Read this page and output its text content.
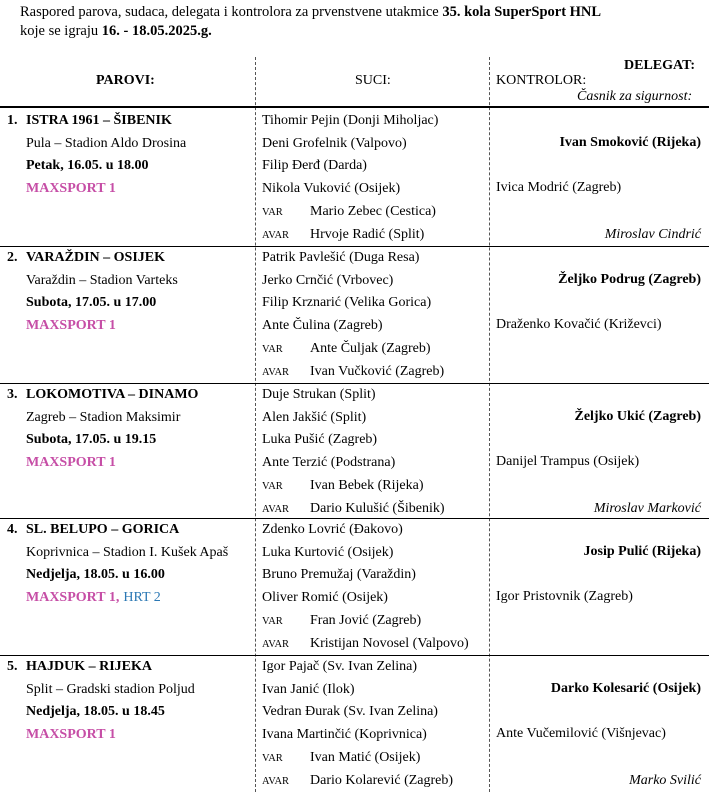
Raspored parova, sudaca, delegata i kontrolora za prvenstvene utakmice 35. kola SuperSport HNL
koje se igraju 16. - 18.05.2025.g.
PAROVI:	SUCI:
DELEGAT:
KONTROLOR:
Časnik za sigurnost:
1. ISTRA 1961 – ŠIBENIK
Pula – Stadion Aldo Drosina
Petak, 16.05. u 18.00
MAXSPORT 1
Tihomir Pejin (Donji Miholjac)
Deni Grofelnik (Valpovo)
Filip Đerđ (Darda)
Nikola Vuković (Osijek)
VAR Mario Zebec (Cestica)
AVAR Hrvoje Radić (Split)
Ivan Smoković (Rijeka)
Ivica Modrić (Zagreb)
Miroslav Cindrić
2. VARAŽDIN – OSIJEK
Varaždin – Stadion Varteks
Subota, 17.05. u 17.00
MAXSPORT 1
Patrik Pavlešić (Duga Resa)
Jerko Crnčić (Vrbovec)
Filip Krznarić (Velika Gorica)
Ante Čulina (Zagreb)
VAR Ante Čuljak (Zagreb)
AVAR Ivan Vučković (Zagreb)
Željko Podrug (Zagreb)
Draženko Kovačić (Križevci)
3. LOKOMOTIVA – DINAMO
Zagreb – Stadion Maksimir
Subota, 17.05. u 19.15
MAXSPORT 1
Duje Strukan (Split)
Alen Jakšić (Split)
Luka Pušić (Zagreb)
Ante Terzić (Podstrana)
VAR Ivan Bebek (Rijeka)
AVAR Dario Kulušić (Šibenik)
Željko Ukić (Zagreb)
Danijel Trampus (Osijek)
Miroslav Marković
4. SL. BELUPO – GORICA
Koprivnica – Stadion I. Kušek Apaš
Nedjelja, 18.05. u 16.00
MAXSPORT 1, HRT 2
Zdenko Lovrić (Đakovo)
Luka Kurtović (Osijek)
Bruno Premužaj (Varaždin)
Oliver Romić (Osijek)
VAR Fran Jović (Zagreb)
AVAR Kristijan Novosel (Valpovo)
Josip Pulić (Rijeka)
Igor Pristovnik (Zagreb)
5. HAJDUK – RIJEKA
Split – Gradski stadion Poljud
Nedjelja, 18.05. u 18.45
MAXSPORT 1
Igor Pajač (Sv. Ivan Zelina)
Ivan Janić (Ilok)
Vedran Đurak (Sv. Ivan Zelina)
Ivana Martinčić (Koprivnica)
VAR Ivan Matić (Osijek)
AVAR Dario Kolarević (Zagreb)
Darko Kolesarić (Osijek)
Ante Vučemilović (Višnjevac)
Marko Svilić
